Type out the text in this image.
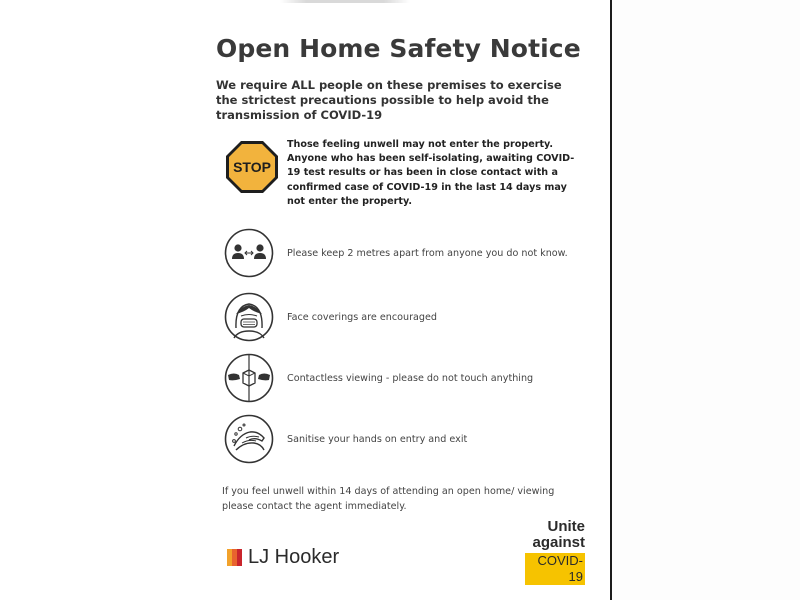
Open Home Safety Notice

We require ALL people on these premises to exercise the strictest precautions possible to help avoid the transmission of COVID-19

STOP

Those feeling unwell may not enter the property. Anyone who has been self-isolating, awaiting COVID-19 test results or has been in close contact with a confirmed case of COVID-19 in the last 14 days may not enter the property.

Please keep 2 metres apart from anyone you do not know.
Face coverings are encouraged
Contactless viewing - please do not touch anything
Sanitise your hands on entry and exit

If you feel unwell within 14 days of attending an open home/ viewing please contact the agent immediately.

LJ Hooker
Unite
against
COVID-19
